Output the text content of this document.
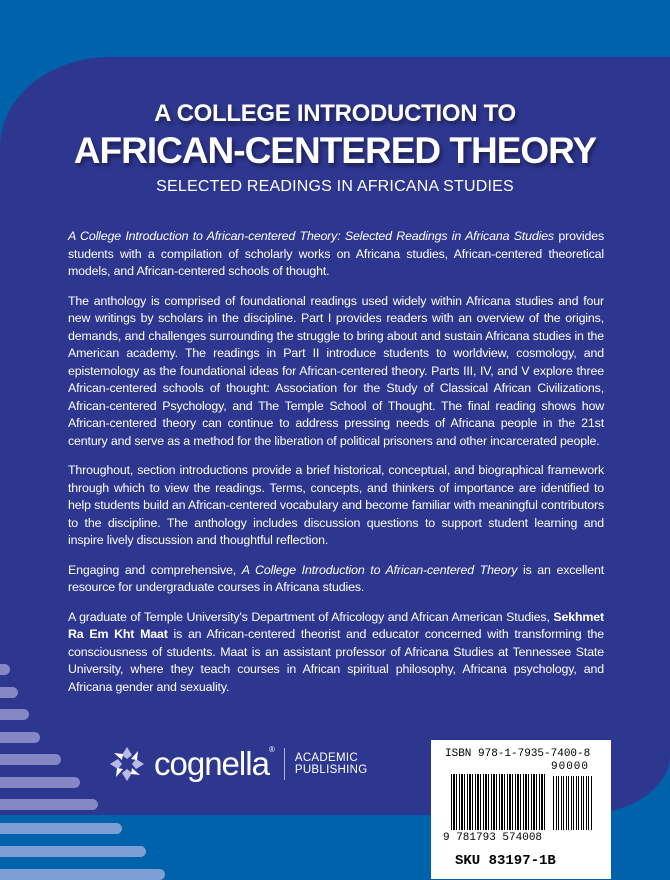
A COLLEGE INTRODUCTION TO
AFRICAN-CENTERED THEORY
SELECTED READINGS IN AFRICANA STUDIES

A College Introduction to African-centered Theory: Selected Readings in Africana Studies provides students with a compilation of scholarly works on Africana studies, African-centered theoretical models, and African-centered schools of thought.

The anthology is comprised of foundational readings used widely within Africana studies and four new writings by scholars in the discipline. Part I provides readers with an overview of the origins, demands, and challenges surrounding the struggle to bring about and sustain Africana studies in the American academy. The readings in Part II introduce students to worldview, cosmology, and epistemology as the foundational ideas for African-centered theory. Parts III, IV, and V explore three African-centered schools of thought: Association for the Study of Classical African Civilizations, African-centered Psychology, and The Temple School of Thought. The final reading shows how African-centered theory can continue to address pressing needs of Africana people in the 21st century and serve as a method for the liberation of political prisoners and other incarcerated people.

Throughout, section introductions provide a brief historical, conceptual, and biographical framework through which to view the readings. Terms, concepts, and thinkers of importance are identified to help students build an African-centered vocabulary and become familiar with meaningful contributors to the discipline. The anthology includes discussion questions to support student learning and inspire lively discussion and thoughtful reflection.

Engaging and comprehensive, A College Introduction to African-centered Theory is an excellent resource for undergraduate courses in Africana studies.

A graduate of Temple University's Department of Africology and African American Studies, Sekhmet Ra Em Kht Maat is an African-centered theorist and educator concerned with transforming the consciousness of students. Maat is an assistant professor of Africana Studies at Tennessee State University, where they teach courses in African spiritual philosophy, Africana psychology, and Africana gender and sexuality.

cognella®
ACADEMIC
PUBLISHING
ISBN 978-1-7935-7400-8
90000
9 781793 574008
SKU 83197-1B
